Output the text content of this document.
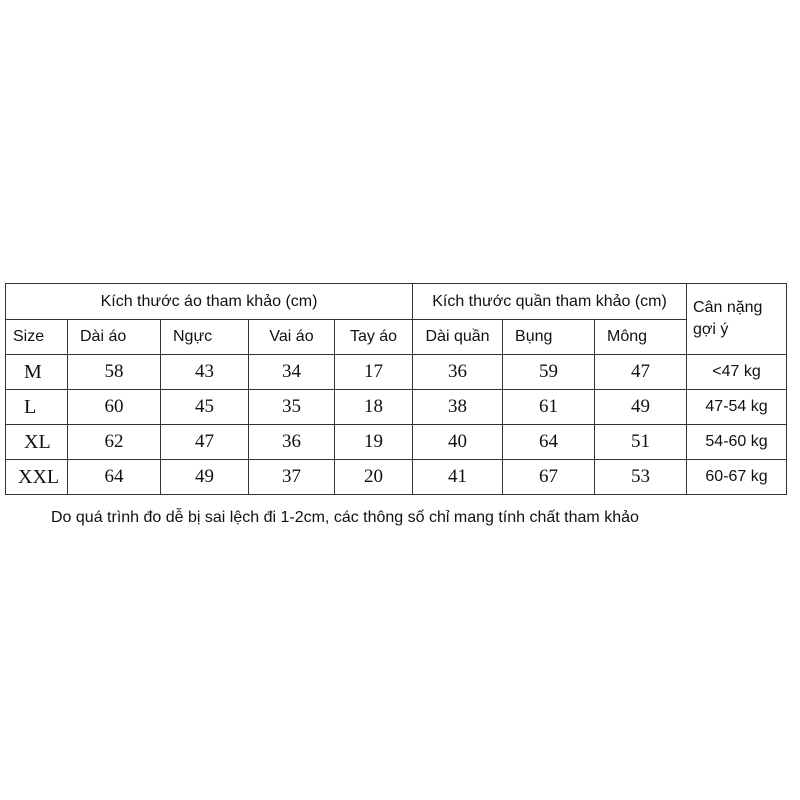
Kích thước áo tham khảo (cm)					Kích thước quần tham khảo (cm)			Cân nặng
gợi ý
Size	Dài áo	Ngực	Vai áo	Tay áo	Dài quần	Bụng	Mông	
M	58	43	34	17	36	59	47	<47 kg
L	60	45	35	18	38	61	49	47-54 kg
XL	62	47	36	19	40	64	51	54-60 kg
XXL	64	49	37	20	41	67	53	60-67 kg
Do quá trình đo dễ bị sai lệch đi 1-2cm, các thông số chỉ mang tính chất tham khảo
